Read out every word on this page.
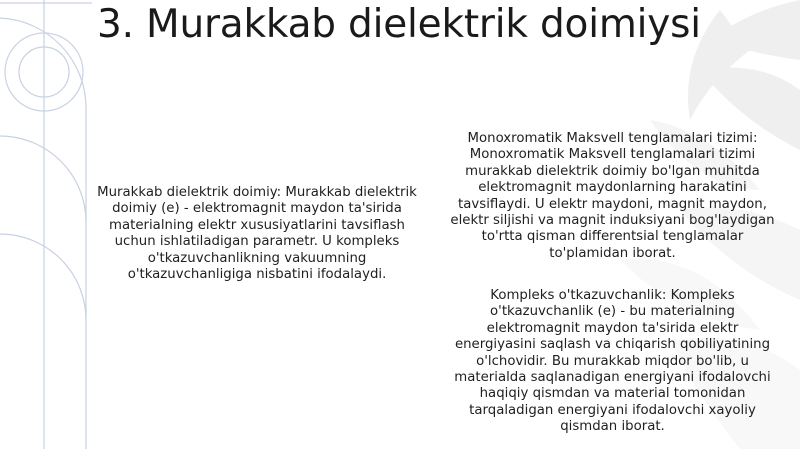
3. Murakkab dielektrik doimiysi

Murakkab dielektrik doimiy: Murakkab dielektrik doimiy (e) - elektromagnit maydon ta'sirida materialning elektr xususiyatlarini tavsiflash uchun ishlatiladigan parametr. U kompleks o'tkazuvchanlikning vakuumning o'tkazuvchanligiga nisbatini ifodalaydi.

Monoxromatik Maksvell tenglamalari tizimi: Monoxromatik Maksvell tenglamalari tizimi murakkab dielektrik doimiy bo'lgan muhitda elektromagnit maydonlarning harakatini tavsiflaydi. U elektr maydoni, magnit maydon, elektr siljishi va magnit induksiyani bog'laydigan to'rtta qisman differentsial tenglamalar to'plamidan iborat.

Kompleks o'tkazuvchanlik: Kompleks o'tkazuvchanlik (e) - bu materialning elektromagnit maydon ta'sirida elektr energiyasini saqlash va chiqarish qobiliyatining o'lchovidir. Bu murakkab miqdor bo'lib, u materialda saqlanadigan energiyani ifodalovchi haqiqiy qismdan va material tomonidan tarqaladigan energiyani ifodalovchi xayoliy qismdan iborat.
